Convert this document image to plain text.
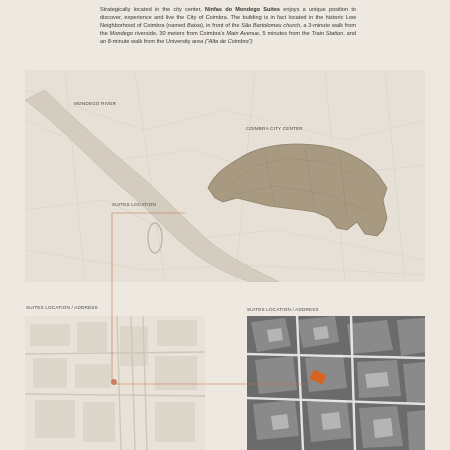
Strategically located in the city center, Ninfas do Mondego Suites enjoys a unique position to discover, experience and live the City of Coimbra. The building is in fact located in the historic Low Neighborhood of Coimbra (named Baixa), in front of the São Bartolomeu church, a 3-minute walk from the Mondego riverside, 30 meters from Coimbra's Main Avenue, 5 minutes from the Train Station, and an 8-minute walk from the University area ("Alta de Coimbra")

MONDEGO RIVER
COIMBRA CITY CENTER
SUITES LOCATION
SUITES LOCATION / ADDRESS	SUITES LOCATION / ADDRESS
